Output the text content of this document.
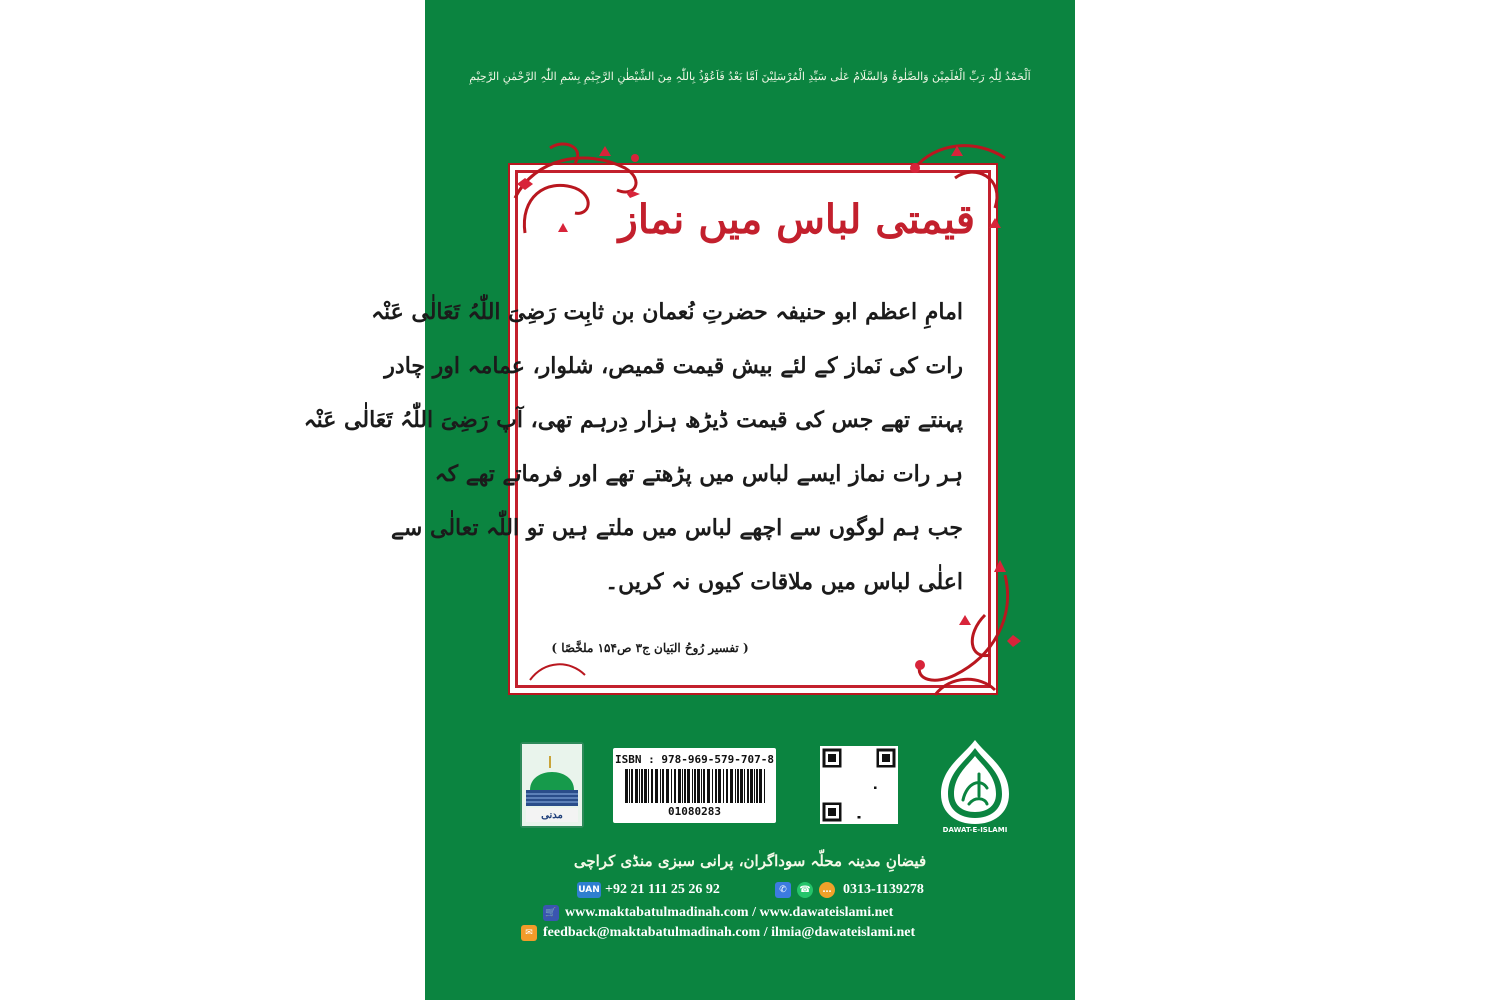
اَلْحَمْدُ لِلّٰہِ رَبِّ الْعٰلَمِیْنَ وَالصَّلٰوۃُ وَالسَّلَامُ عَلٰی سَیِّدِ الْمُرْسَلِیْنَ اَمَّا بَعْدُ فَاَعُوْذُ بِاللّٰہِ مِنَ الشَّیْطٰنِ الرَّجِیْمِ بِسْمِ اللّٰہِ الرَّحْمٰنِ الرَّحِیْمِ
قیمتی لباس میں نماز
امامِ اعظم ابو حنیفہ حضرتِ نُعمان بن ثابِت رَضِیَ اللّٰہُ تَعَالٰی عَنْہ
رات کی نَماز کے لئے بیش قیمت قمیص، شلوار، عمامہ اور چادر
پہنتے تھے جس کی قیمت ڈیڑھ ہزار دِرہم تھی، آپ رَضِیَ اللّٰہُ تَعَالٰی عَنْہ
ہر رات نماز ایسے لباس میں پڑھتے تھے اور فرماتے تھے کہ
جب ہم لوگوں سے اچھے لباس میں ملتے ہیں تو اللّٰہ تعالٰی سے
اعلٰی لباس میں ملاقات کیوں نہ کریں۔
( تفسیر رُوحُ البَیان ج۳ ص۱۵۴ ملخَّصًا )
مدنی
ISBN : 978-969-579-707-8
01080283
DAWAT-E-ISLAMI
فیضانِ مدینہ محلّہ سوداگران، پرانی سبزی منڈی کراچی
UAN +92 21 111 25 26 92	✆	☎	… 0313-1139278
🛒 www.maktabatulmadinah.com / www.dawateislami.net
✉ feedback@maktabatulmadinah.com / ilmia@dawateislami.net
